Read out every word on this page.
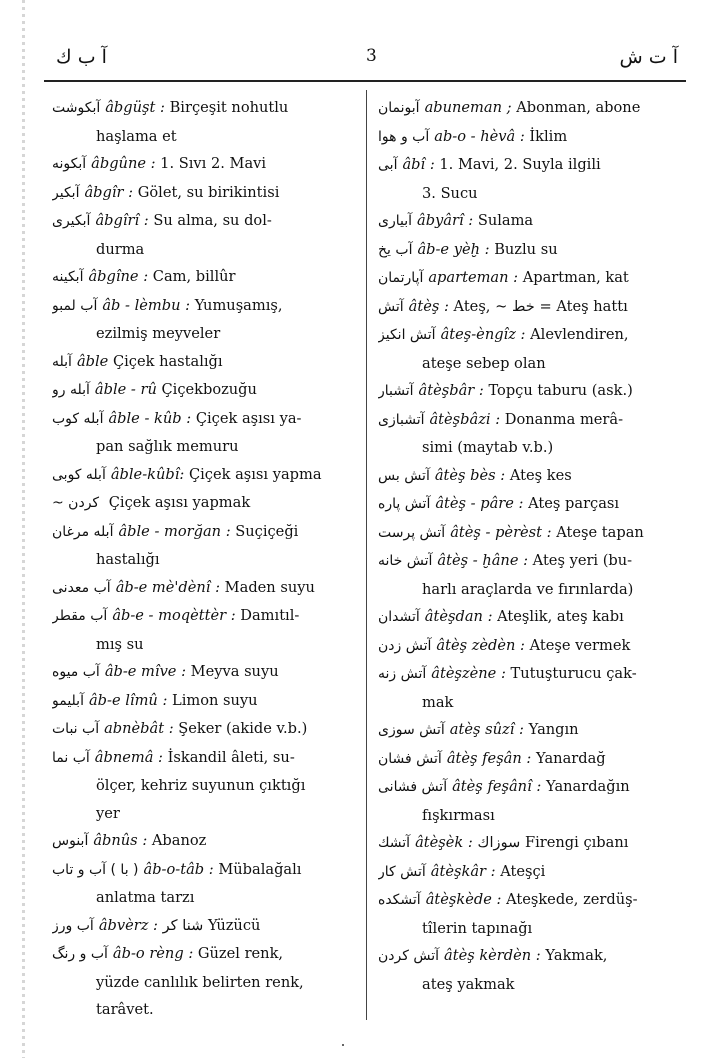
آ ب ك	3	آ ت ش
آبكوشت âbgüşt : Birçeşit nohutlu
haşlama et
آبكونه âbgûne : 1. Sıvı 2. Mavi
آبكير âbgîr : Gölet, su birikintisi
آبكيرى âbgîrî : Su alma, su dol-
durma
آبكينه âbgîne : Cam, billûr
آب لمبو âb - lèmbu : Yumuşamış,
ezilmiş meyveler
آبله âble Çiçek hastalığı
آبله رو âble - rû Çiçekbozuğu
آبله كوب âble - kûb : Çiçek aşısı ya-
pan sağlık memuru
آبله كوبى âble-kûbî: Çiçek aşısı yapma
كردن ~ Çiçek aşısı yapmak
آبله مرغان âble - morğan : Suçiçeği
hastalığı
آب معدنى âb-e mè'dènî : Maden suyu
آب مقطر âb-e - moqèttèr : Damıtıl-
mış su
آب ميوه âb-e mîve : Meyva suyu
آبليمو âb-e lîmû : Limon suyu
آب نبات abnèbât : Şeker (akide v.b.)
آب نما âbnemâ : İskandil âleti, su-
ölçer, kehriz suyunun çıktığı
yer
آبنوس âbnûs : Abanoz
( با ) آب و تاب âb-o-tâb : Mübalağalı
anlatma tarzı
آب ورز âbvèrz : شنا كر Yüzücü
آب و رنگ âb-o rèng : Güzel renk,
yüzde canlılık belirten renk,
tarâvet.
آبونمان abuneman ; Abonman, abone
آب و هوا ab-o - hèvâ : İklim
آبى âbî : 1. Mavi, 2. Suyla ilgili
3. Sucu
آبيارى âbyârî : Sulama
آب يخ âb-e yèḫ : Buzlu su
آپارتمان aparteman : Apartman, kat
آتش âtèş : Ateş, ~ خط = Ateş hattı
آتش انكيز âteş-èngîz : Alevlendiren,
ateşe sebep olan
آتشبار âtèşbâr : Topçu taburu (ask.)
آتشبازى âtèşbâzi : Donanma merâ-
simi (maytab v.b.)
آتش بس âtèş bès : Ateş kes
آتش پاره âtèş - pâre : Ateş parçası
آتش پرست âtèş - pèrèst : Ateşe tapan
آتش خانه âtèş - ḫâne : Ateş yeri (bu-
harlı araçlarda ve fırınlarda)
آتشدان âtèşdan : Ateşlik, ateş kabı
آتش زدن âtèş zèdèn : Ateşe vermek
آتش زنه âtèşzène : Tutuşturucu çak-
mak
آتش سوزى atèş sûzî : Yangın
آتش فشان âtèş feşân : Yanardağ
آتش فشانى âtèş feşânî : Yanardağın
fışkırması
آتشك âtèşèk : سوزاك Firengi çıbanı
آتش كار âtèşkâr : Ateşçi
آتشكده âtèşkède : Ateşkede, zerdüş-
tîlerin tapınağı
آتش كردن âtèş kèrdèn : Yakmak,
ateş yakmak
